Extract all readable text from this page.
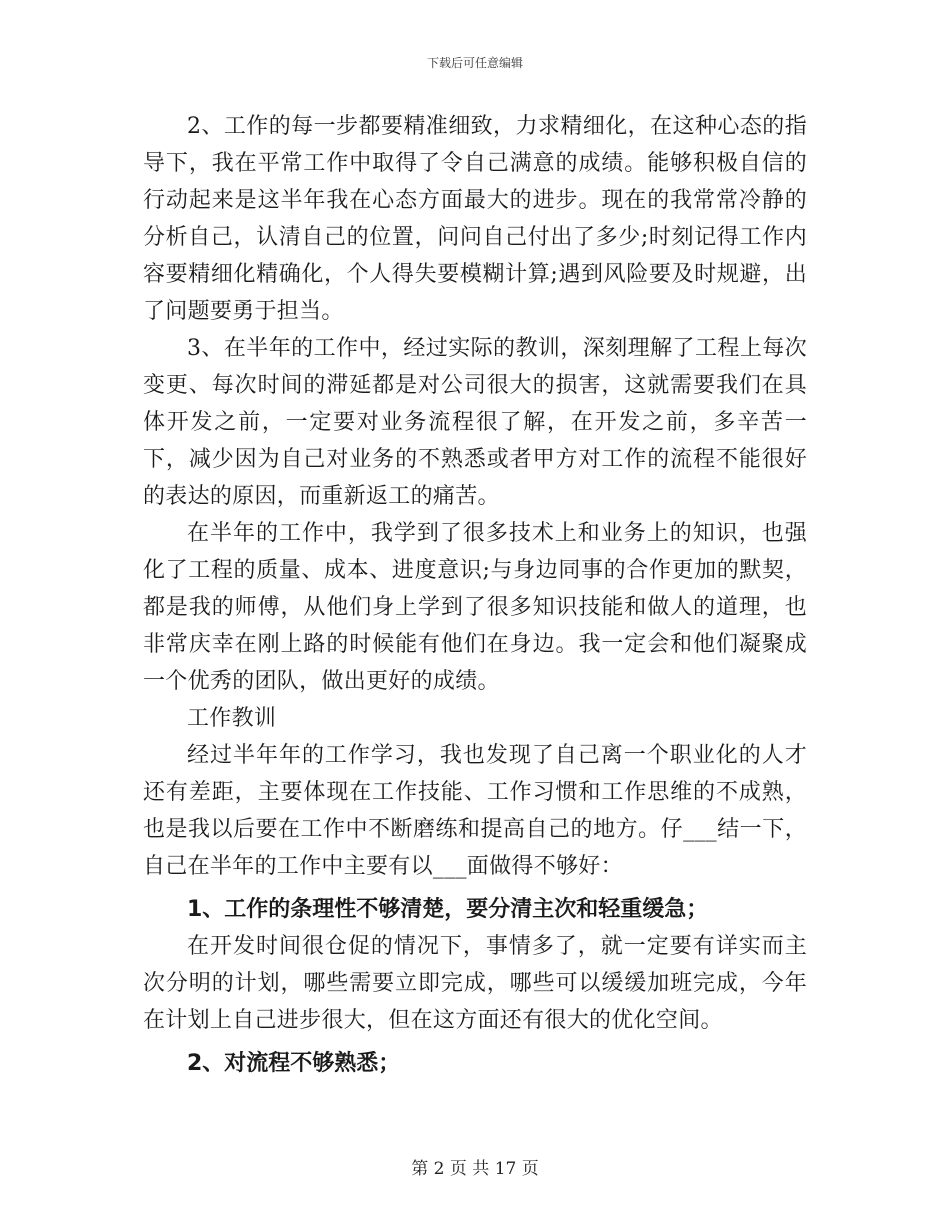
下载后可任意编辑

2、工作的每一步都要精准细致，力求精细化，在这种心态的指导下，我在平常工作中取得了令自己满意的成绩。能够积极自信的行动起来是这半年我在心态方面最大的进步。现在的我常常冷静的分析自己，认清自己的位置，问问自己付出了多少;时刻记得工作内容要精细化精确化，个人得失要模糊计算;遇到风险要及时规避，出了问题要勇于担当。

3、在半年的工作中，经过实际的教训，深刻理解了工程上每次变更、每次时间的滞延都是对公司很大的损害，这就需要我们在具体开发之前，一定要对业务流程很了解，在开发之前，多辛苦一下，减少因为自己对业务的不熟悉或者甲方对工作的流程不能很好的表达的原因，而重新返工的痛苦。

在半年的工作中，我学到了很多技术上和业务上的知识，也强化了工程的质量、成本、进度意识;与身边同事的合作更加的默契，都是我的师傅，从他们身上学到了很多知识技能和做人的道理，也非常庆幸在刚上路的时候能有他们在身边。我一定会和他们凝聚成一个优秀的团队，做出更好的成绩。

工作教训

经过半年年的工作学习，我也发现了自己离一个职业化的人才还有差距，主要体现在工作技能、工作习惯和工作思维的不成熟，也是我以后要在工作中不断磨练和提高自己的地方。仔___结一下，自己在半年的工作中主要有以___面做得不够好：

1、工作的条理性不够清楚，要分清主次和轻重缓急；

在开发时间很仓促的情况下，事情多了，就一定要有详实而主次分明的计划，哪些需要立即完成，哪些可以缓缓加班完成，今年在计划上自己进步很大，但在这方面还有很大的优化空间。

2、对流程不够熟悉；

第 2 页 共 17 页
